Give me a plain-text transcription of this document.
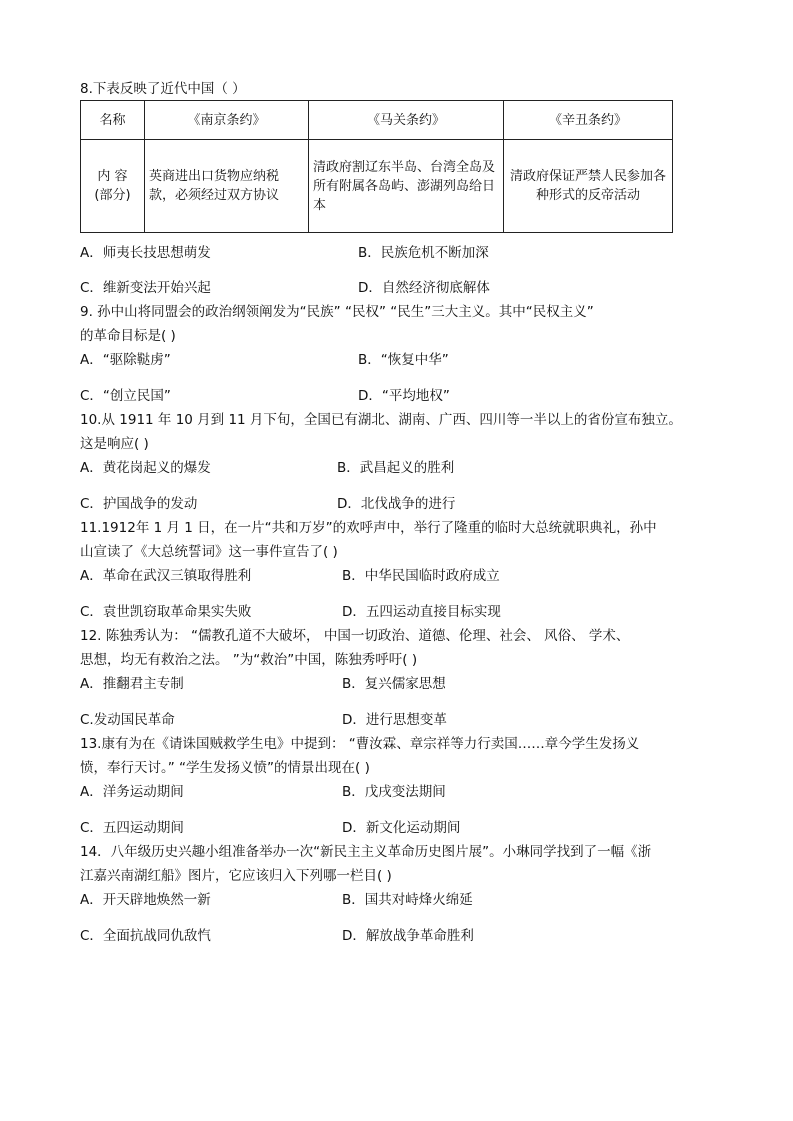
8.下表反映了近代中国（ ）
名称	《南京条约》	《马关条约》	《辛丑条约》

内 容
(部分)	英商进出口货物应纳税款，必须经过双方协议	清政府割辽东半岛、台湾全岛及所有附属各岛屿、澎湖列岛给日本	清政府保证严禁人民参加各种形式的反帝活动
A．师夷长技思想萌发	B．民族危机不断加深
C．维新变法开始兴起	D．自然经济彻底解体
9. 孙中山将同盟会的政治纲领阐发为“民族” “民权” “民生”三大主义。其中“民权主义”
的革命目标是( )
A．“驱除鞑虏”	B．“恢复中华”
C．“创立民国”	D．“平均地权”
10.从 1911 年 10 月到 11 月下旬，全国已有湖北、湖南、广西、四川等一半以上的省份宣布独立。
这是响应( )
A．黄花岗起义的爆发	B．武昌起义的胜利
C．护国战争的发动	D．北伐战争的进行
11.1912年 1 月 1 日，在一片“共和万岁”的欢呼声中，举行了隆重的临时大总统就职典礼，孙中
山宣读了《大总统誓词》这一事件宣告了( )
A．革命在武汉三镇取得胜利	B．中华民国临时政府成立
C．袁世凯窃取革命果实失败	D．五四运动直接目标实现
12. 陈独秀认为： “儒教孔道不大破坏， 中国一切政治、道德、伦理、社会、 风俗、 学术、
思想，均无有救治之法。 ”为“救治”中国，陈独秀呼吁( )
A．推翻君主专制	B．复兴儒家思想
C.发动国民革命	D．进行思想变革
13.康有为在《请诛国贼救学生电》中提到： “曹汝霖、章宗祥等力行卖国……章今学生发扬义
愤，奉行天讨。” “学生发扬义愤”的情景出现在( )
A．洋务运动期间	B．戊戌变法期间
C．五四运动期间	D．新文化运动期间
14．八年级历史兴趣小组准备举办一次“新民主主义革命历史图片展”。小琳同学找到了一幅《浙
江嘉兴南湖红船》图片，它应该归入下列哪一栏目( )
A．开天辟地焕然一新	B．国共对峙烽火绵延
C．全面抗战同仇敌忾	D．解放战争革命胜利
